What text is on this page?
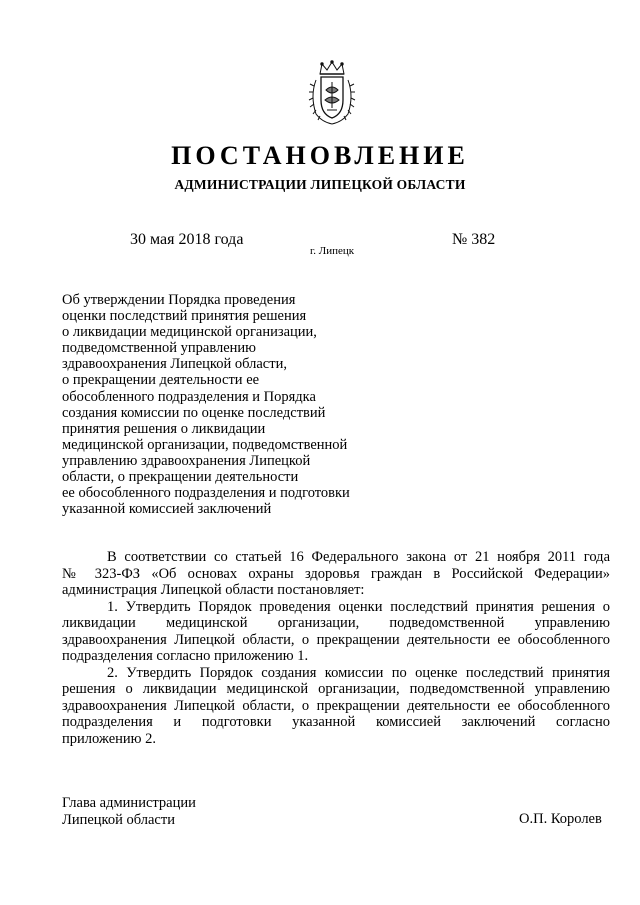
ПОСТАНОВЛЕНИЕ
АДМИНИСТРАЦИИ ЛИПЕЦКОЙ ОБЛАСТИ
30 мая 2018 года
г. Липецк
№ 382
Об утверждении Порядка проведения
оценки последствий принятия решения
о ликвидации медицинской организации,
подведомственной управлению
здравоохранения Липецкой области,
о прекращении деятельности ее
обособленного подразделения и Порядка
создания комиссии по оценке последствий
принятия решения о ликвидации
медицинской организации, подведомственной
управлению здравоохранения Липецкой
области, о прекращении деятельности
ее обособленного подразделения и подготовки
указанной комиссией заключений
В соответствии со статьей 16 Федерального закона от 21 ноября 2011 года
№ 323-ФЗ «Об основах охраны здоровья граждан в Российской Федерации»
администрация Липецкой области постановляет:
1. Утвердить Порядок проведения оценки последствий принятия решения о
ликвидации медицинской организации, подведомственной управлению
здравоохранения Липецкой области, о прекращении деятельности ее обособленного
подразделения согласно приложению 1.
2. Утвердить Порядок создания комиссии по оценке последствий принятия
решения о ликвидации медицинской организации, подведомственной управлению
здравоохранения Липецкой области, о прекращении деятельности ее обособленного
подразделения и подготовки указанной комиссией заключений согласно
приложению 2.
Глава администрации
Липецкой области	О.П. Королев
